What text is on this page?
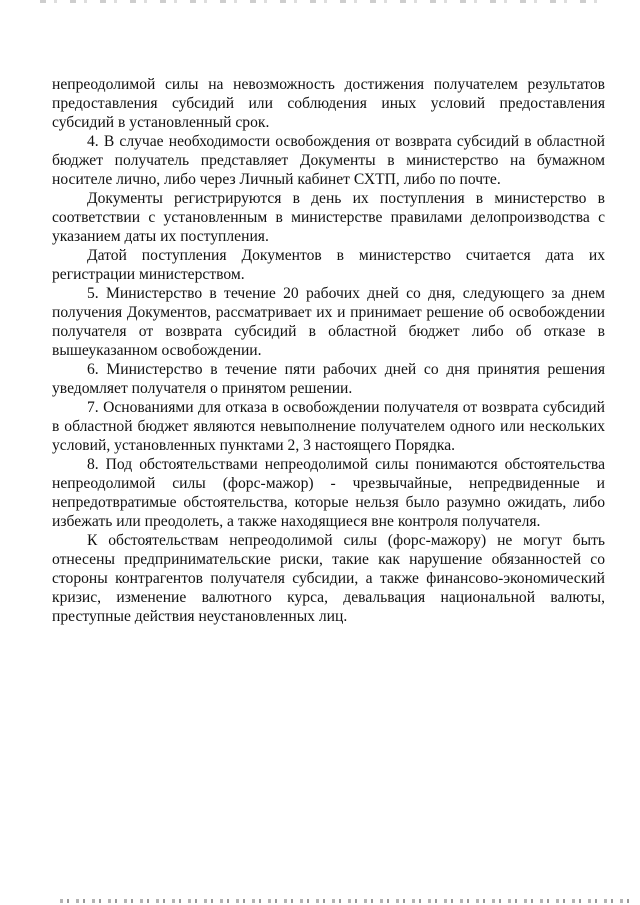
непреодолимой силы на невозможность достижения получателем результатов предоставления субсидий или соблюдения иных условий предоставления субсидий в установленный срок.

4. В случае необходимости освобождения от возврата субсидий в областной бюджет получатель представляет Документы в министерство на бумажном носителе лично, либо через Личный кабинет СХТП, либо по почте.

Документы регистрируются в день их поступления в министерство в соответствии с установленным в министерстве правилами делопроизводства с указанием даты их поступления.

Датой поступления Документов в министерство считается дата их регистрации министерством.

5. Министерство в течение 20 рабочих дней со дня, следующего за днем получения Документов, рассматривает их и принимает решение об освобождении получателя от возврата субсидий в областной бюджет либо об отказе в вышеуказанном освобождении.

6. Министерство в течение пяти рабочих дней со дня принятия решения уведомляет получателя о принятом решении.

7. Основаниями для отказа в освобождении получателя от возврата субсидий в областной бюджет являются невыполнение получателем одного или нескольких условий, установленных пунктами 2, 3 настоящего Порядка.

8. Под обстоятельствами непреодолимой силы понимаются обстоятельства непреодолимой силы (форс-мажор) - чрезвычайные, непредвиденные и непредотвратимые обстоятельства, которые нельзя было разумно ожидать, либо избежать или преодолеть, а также находящиеся вне контроля получателя.

К обстоятельствам непреодолимой силы (форс-мажору) не могут быть отнесены предпринимательские риски, такие как нарушение обязанностей со стороны контрагентов получателя субсидии, а также финансово-экономический кризис, изменение валютного курса, девальвация национальной валюты, преступные действия неустановленных лиц.
